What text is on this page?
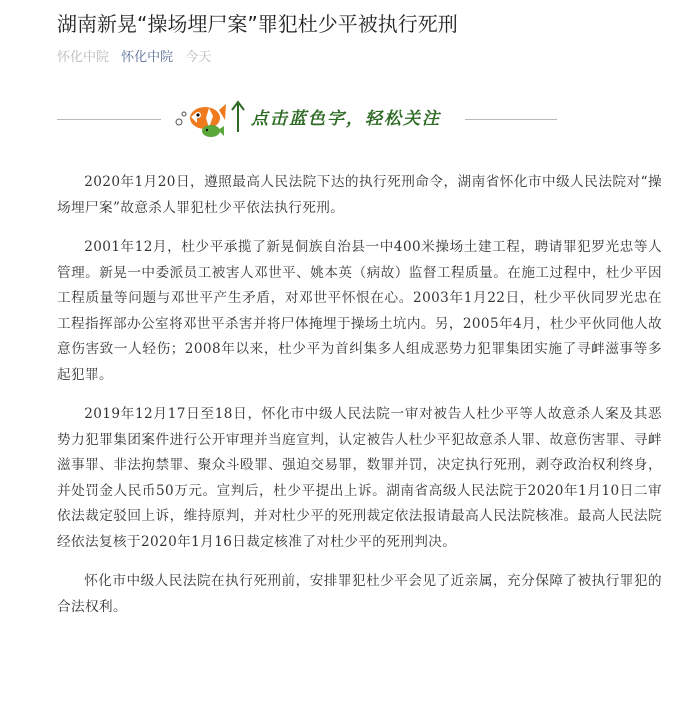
湖南新晃“操场埋尸案”罪犯杜少平被执行死刑
怀化中院 怀化中院 今天
点击蓝色字，轻松关注

2020年1月20日，遵照最高人民法院下达的执行死刑命令，湖南省怀化市中级人民法院对“操场埋尸案”故意杀人罪犯杜少平依法执行死刑。

2001年12月，杜少平承揽了新晃侗族自治县一中400米操场土建工程，聘请罪犯罗光忠等人管理。新晃一中委派员工被害人邓世平、姚本英（病故）监督工程质量。在施工过程中，杜少平因工程质量等问题与邓世平产生矛盾，对邓世平怀恨在心。2003年1月22日，杜少平伙同罗光忠在工程指挥部办公室将邓世平杀害并将尸体掩埋于操场土坑内。另，2005年4月，杜少平伙同他人故意伤害致一人轻伤；2008年以来，杜少平为首纠集多人组成恶势力犯罪集团实施了寻衅滋事等多起犯罪。

2019年12月17日至18日，怀化市中级人民法院一审对被告人杜少平等人故意杀人案及其恶势力犯罪集团案件进行公开审理并当庭宣判，认定被告人杜少平犯故意杀人罪、故意伤害罪、寻衅滋事罪、非法拘禁罪、聚众斗殴罪、强迫交易罪，数罪并罚，决定执行死刑，剥夺政治权利终身，并处罚金人民币50万元。宣判后，杜少平提出上诉。湖南省高级人民法院于2020年1月10日二审依法裁定驳回上诉，维持原判，并对杜少平的死刑裁定依法报请最高人民法院核准。最高人民法院经依法复核于2020年1月16日裁定核准了对杜少平的死刑判决。

怀化市中级人民法院在执行死刑前，安排罪犯杜少平会见了近亲属，充分保障了被执行罪犯的合法权利。
